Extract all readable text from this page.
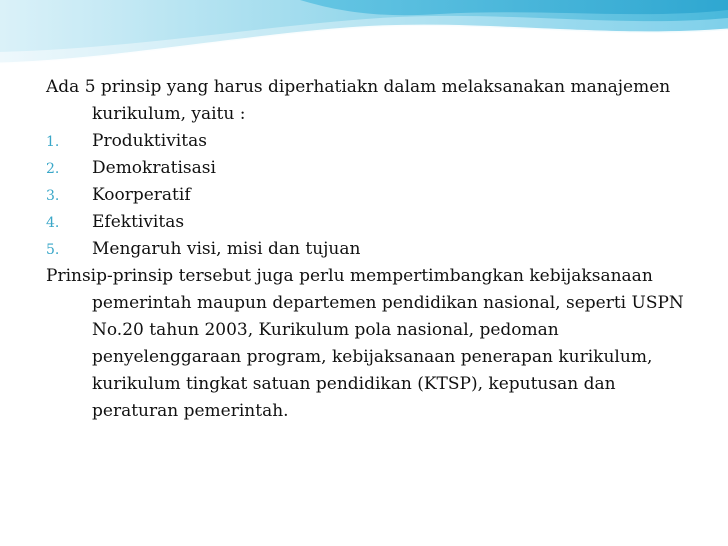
Ada 5 prinsip yang harus diperhatiakn dalam melaksanakan manajemen kurikulum, yaitu :

1. Produktivitas

2. Demokratisasi

3. Koorperatif

4. Efektivitas

5. Mengaruh visi, misi dan tujuan

Prinsip-prinsip tersebut juga perlu mempertimbangkan kebijaksanaan pemerintah maupun departemen pendidikan nasional, seperti USPN No.20 tahun 2003, Kurikulum pola nasional, pedoman penyelenggaraan program, kebijaksanaan penerapan kurikulum, kurikulum tingkat satuan pendidikan (KTSP), keputusan dan peraturan pemerintah.
